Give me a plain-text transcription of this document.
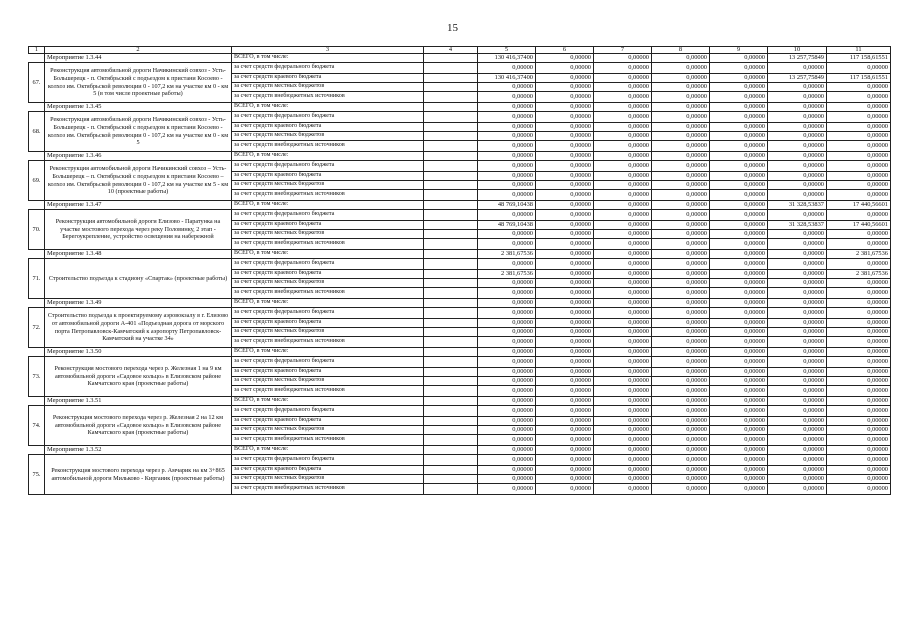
15
1	2	3	4	5	6	7	8	9	10	11
	Мероприятие 1.3.44	ВСЕГО, в том числе:		130 416,37400	0,00000	0,00000	0,00000	0,00000	13 257,75849	117 158,61551
67.	Реконструкция автомобильной дороги Начикинский совхоз - Усть-Большерецк - п. Октябрьский с подъездом к пристани Косоево - колхоз им. Октябрьской революции 0 - 107,2 км на участке км 0 - км 5 (в том числе проектные работы)	за счет средств федерального бюджета		0,00000	0,00000	0,00000	0,00000	0,00000	0,00000	0,00000
		за счет средств краевого бюджета		130 416,37400	0,00000	0,00000	0,00000	0,00000	13 257,75849	117 158,61551
		за счет средств местных бюджетов		0,00000	0,00000	0,00000	0,00000	0,00000	0,00000	0,00000
		за счет средств внебюджетных источников		0,00000	0,00000	0,00000	0,00000	0,00000	0,00000	0,00000
	Мероприятие 1.3.45	ВСЕГО, в том числе:		0,00000	0,00000	0,00000	0,00000	0,00000	0,00000	0,00000
68.	Реконструкция автомобильной дороги Начикинский совхоз - Усть-Большерецк - п. Октябрьский с подъездом к пристани Косоево - колхоз им. Октябрьской революции 0 - 107,2 км на участке км 0 - км 5	за счет средств федерального бюджета		0,00000	0,00000	0,00000	0,00000	0,00000	0,00000	0,00000
		за счет средств краевого бюджета		0,00000	0,00000	0,00000	0,00000	0,00000	0,00000	0,00000
		за счет средств местных бюджетов		0,00000	0,00000	0,00000	0,00000	0,00000	0,00000	0,00000
		за счет средств внебюджетных источников		0,00000	0,00000	0,00000	0,00000	0,00000	0,00000	0,00000
	Мероприятие 1.3.46	ВСЕГО, в том числе:		0,00000	0,00000	0,00000	0,00000	0,00000	0,00000	0,00000
69.	Реконструкция автомобильной дороги Начикинский совхоз – Усть-Большерецк – п. Октябрьский с подъездом к пристани Косоево – колхоз им. Октябрьской революции 0 - 107,2 км на участке км 5 - км 10 (проектные работы)	за счет средств федерального бюджета		0,00000	0,00000	0,00000	0,00000	0,00000	0,00000	0,00000
		за счет средств краевого бюджета		0,00000	0,00000	0,00000	0,00000	0,00000	0,00000	0,00000
		за счет средств местных бюджетов		0,00000	0,00000	0,00000	0,00000	0,00000	0,00000	0,00000
		за счет средств внебюджетных источников		0,00000	0,00000	0,00000	0,00000	0,00000	0,00000	0,00000
	Мероприятие 1.3.47	ВСЕГО, в том числе:		48 769,10438	0,00000	0,00000	0,00000	0,00000	31 328,53837	17 440,56601
70.	Реконструкция автомобильной дороги Елизово - Паратунка на участке мостового перехода через реку Половинку, 2 этап - Берегоукрепление, устройство освещения на набережной	за счет средств федерального бюджета		0,00000	0,00000	0,00000	0,00000	0,00000	0,00000	0,00000
		за счет средств краевого бюджета		48 769,10438	0,00000	0,00000	0,00000	0,00000	31 328,53837	17 440,56601
		за счет средств местных бюджетов		0,00000	0,00000	0,00000	0,00000	0,00000	0,00000	0,00000
		за счет средств внебюджетных источников		0,00000	0,00000	0,00000	0,00000	0,00000	0,00000	0,00000
	Мероприятие 1.3.48	ВСЕГО, в том числе:		2 381,67536	0,00000	0,00000	0,00000	0,00000	0,00000	2 381,67536
71.	Строительство подъезда к стадиону «Спартак» (проектные работы)	за счет средств федерального бюджета		0,00000	0,00000	0,00000	0,00000	0,00000	0,00000	0,00000
		за счет средств краевого бюджета		2 381,67536	0,00000	0,00000	0,00000	0,00000	0,00000	2 381,67536
		за счет средств местных бюджетов		0,00000	0,00000	0,00000	0,00000	0,00000	0,00000	0,00000
		за счет средств внебюджетных источников		0,00000	0,00000	0,00000	0,00000	0,00000	0,00000	0,00000
	Мероприятие 1.3.49	ВСЕГО, в том числе:		0,00000	0,00000	0,00000	0,00000	0,00000	0,00000	0,00000
72.	Строительство подъезда к проектируемому аэровокзалу в г. Елизово от автомобильной дороги А-401 «Подъездная дорога от морского порта Петропавловск-Камчатский к аэропорту Петропавловск-Камчатский на участке 34»	за счет средств федерального бюджета		0,00000	0,00000	0,00000	0,00000	0,00000	0,00000	0,00000
		за счет средств краевого бюджета		0,00000	0,00000	0,00000	0,00000	0,00000	0,00000	0,00000
		за счет средств местных бюджетов		0,00000	0,00000	0,00000	0,00000	0,00000	0,00000	0,00000
		за счет средств внебюджетных источников		0,00000	0,00000	0,00000	0,00000	0,00000	0,00000	0,00000
	Мероприятие 1.3.50	ВСЕГО, в том числе:		0,00000	0,00000	0,00000	0,00000	0,00000	0,00000	0,00000
73.	Реконструкция мостового перехода через р. Железная 1 на 9 км автомобильной дороги «Садовое кольцо» в Елизовском районе Камчатского края (проектные работы)	за счет средств федерального бюджета		0,00000	0,00000	0,00000	0,00000	0,00000	0,00000	0,00000
		за счет средств краевого бюджета		0,00000	0,00000	0,00000	0,00000	0,00000	0,00000	0,00000
		за счет средств местных бюджетов		0,00000	0,00000	0,00000	0,00000	0,00000	0,00000	0,00000
		за счет средств внебюджетных источников		0,00000	0,00000	0,00000	0,00000	0,00000	0,00000	0,00000
	Мероприятие 1.3.51	ВСЕГО, в том числе:		0,00000	0,00000	0,00000	0,00000	0,00000	0,00000	0,00000
74.	Реконструкция мостового перехода через р. Железная 2 на 12 км автомобильной дороги «Садовое кольцо» в Елизовском районе Камчатского края (проектные работы)	за счет средств федерального бюджета		0,00000	0,00000	0,00000	0,00000	0,00000	0,00000	0,00000
		за счет средств краевого бюджета		0,00000	0,00000	0,00000	0,00000	0,00000	0,00000	0,00000
		за счет средств местных бюджетов		0,00000	0,00000	0,00000	0,00000	0,00000	0,00000	0,00000
		за счет средств внебюджетных источников		0,00000	0,00000	0,00000	0,00000	0,00000	0,00000	0,00000
	Мероприятие 1.3.52	ВСЕГО, в том числе:		0,00000	0,00000	0,00000	0,00000	0,00000	0,00000	0,00000
75.	Реконструкция мостового перехода через р. Амчарик на км 3+865 автомобильной дороги Мильково - Киргаиик (проектные работы)	за счет средств федерального бюджета		0,00000	0,00000	0,00000	0,00000	0,00000	0,00000	0,00000
		за счет средств краевого бюджета		0,00000	0,00000	0,00000	0,00000	0,00000	0,00000	0,00000
		за счет средств местных бюджетов		0,00000	0,00000	0,00000	0,00000	0,00000	0,00000	0,00000
		за счет средств внебюджетных источников		0,00000	0,00000	0,00000	0,00000	0,00000	0,00000	0,00000
